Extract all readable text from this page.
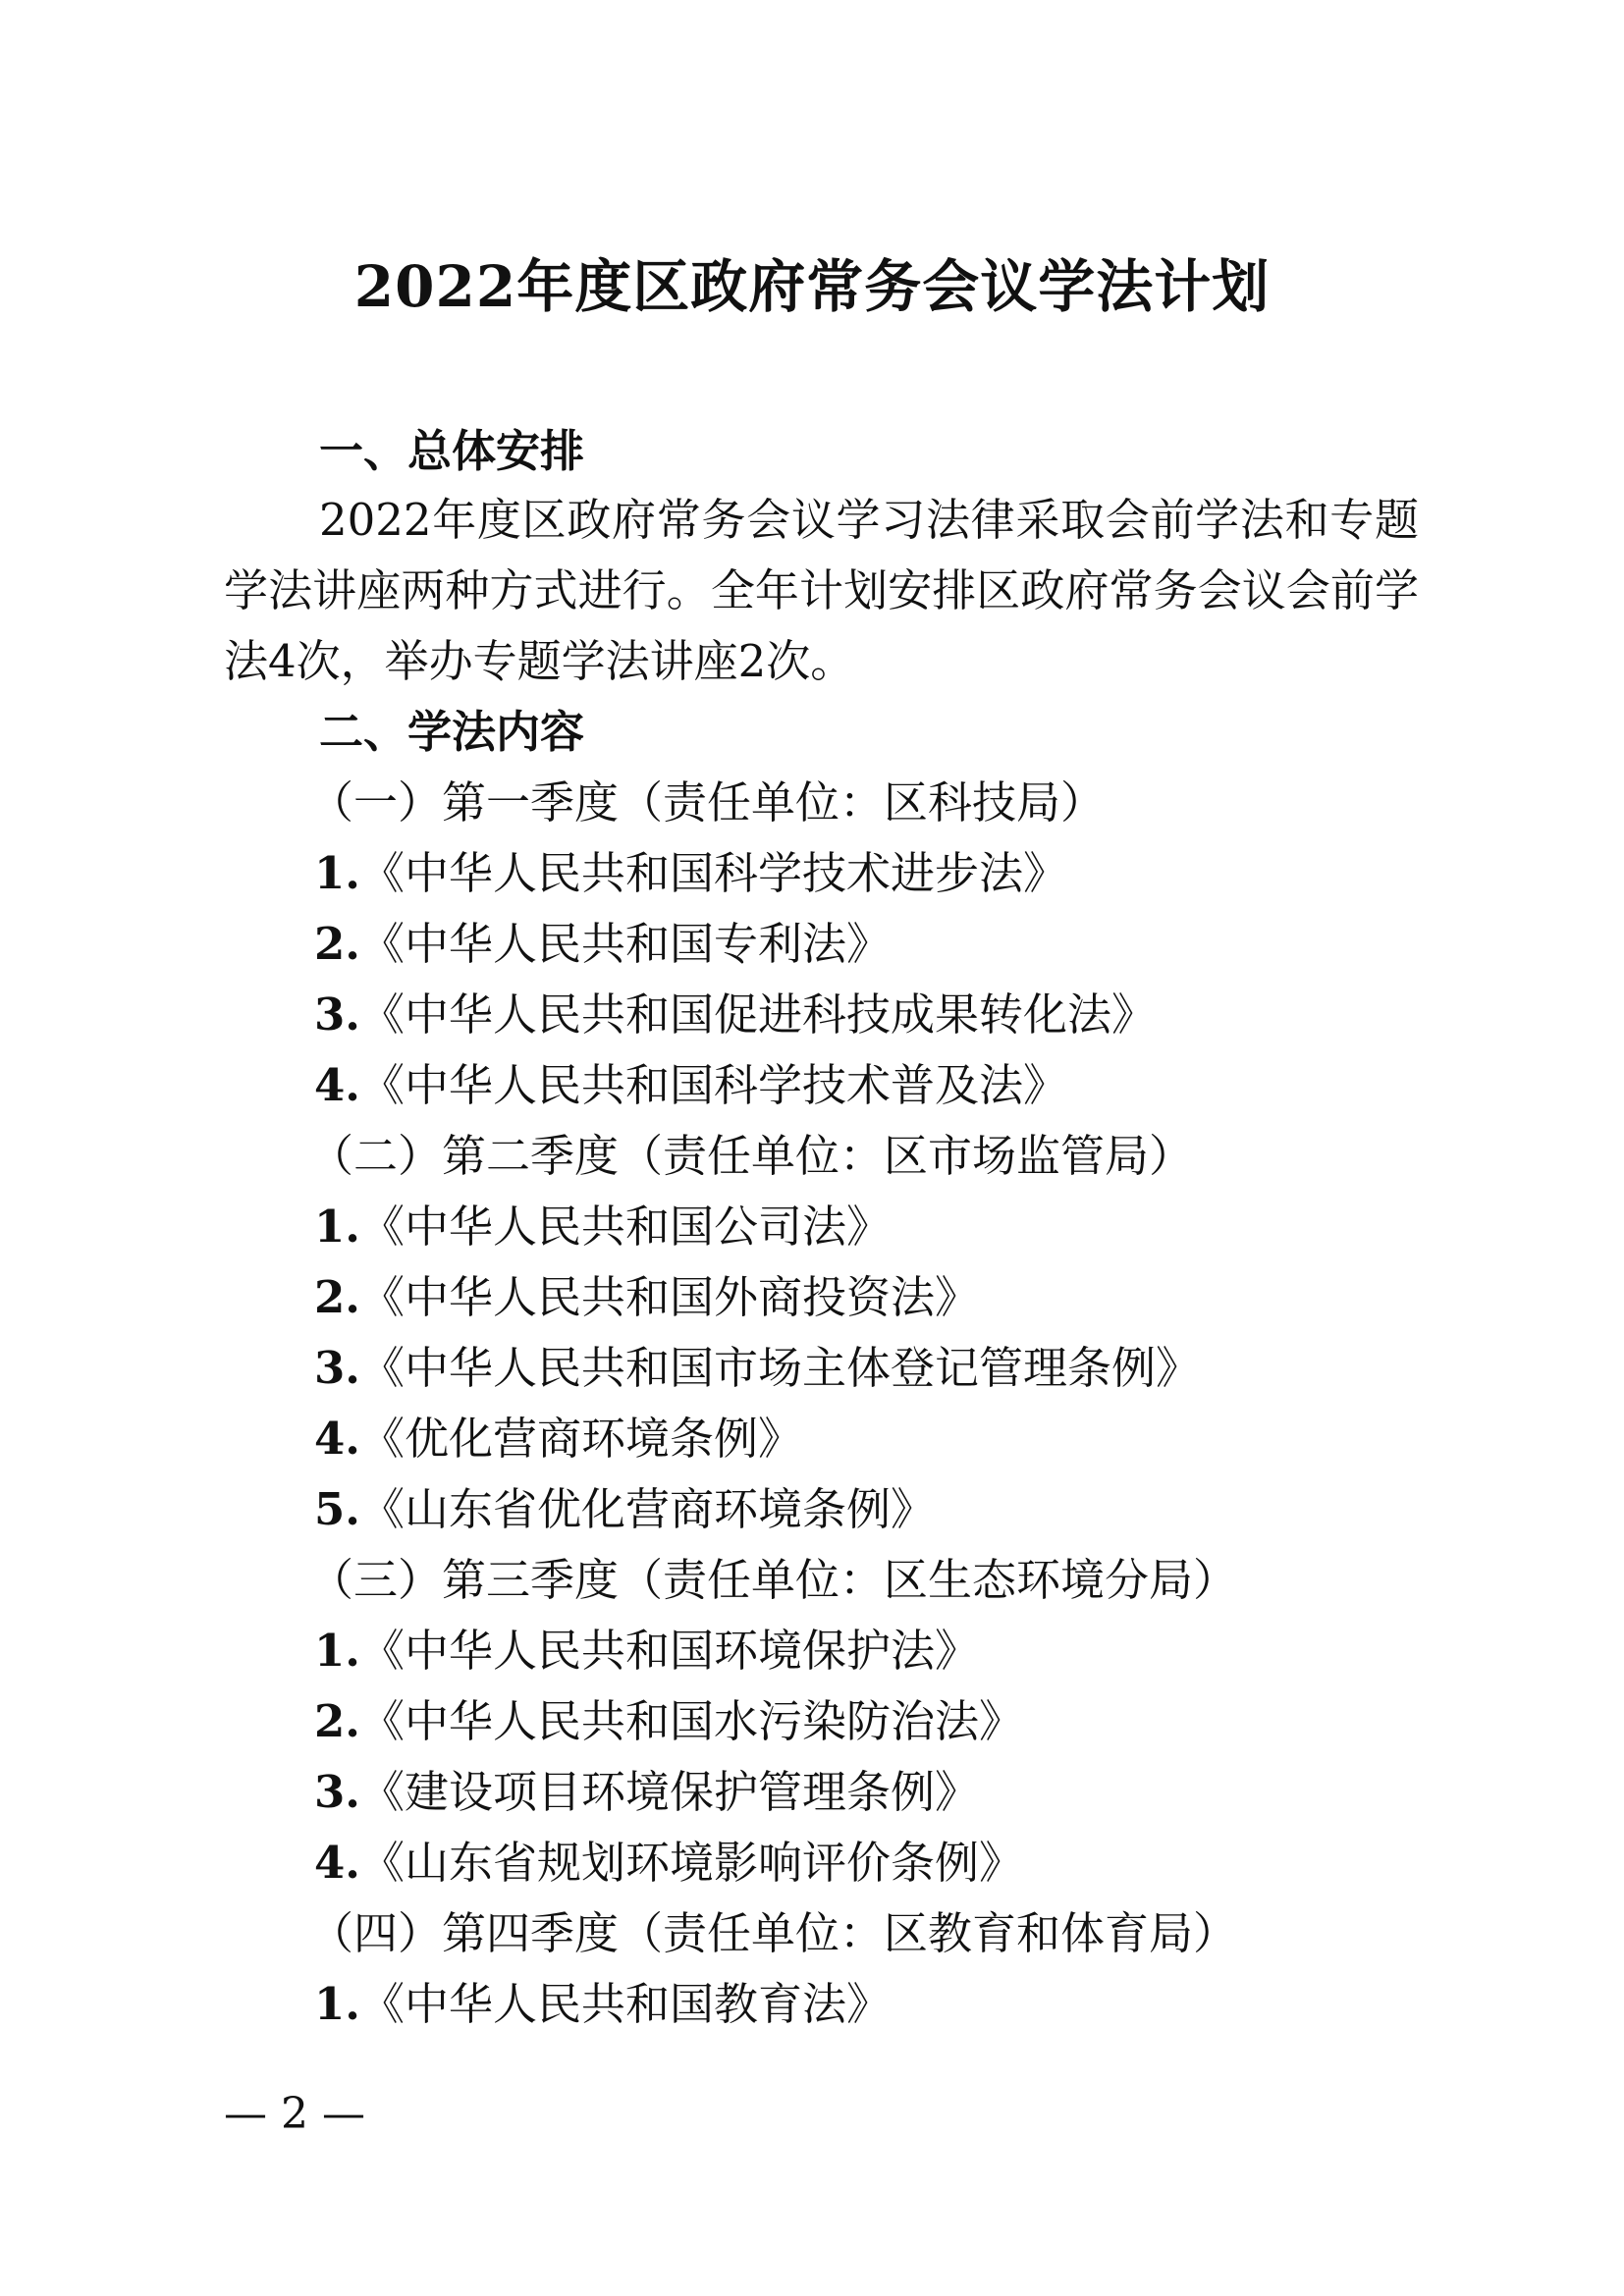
2022年度区政府常务会议学法计划
一、总体安排
2022年度区政府常务会议学习法律采取会前学法和专题
学法讲座两种方式进行。全年计划安排区政府常务会议会前学
法4次，举办专题学法讲座2次。
二、学法内容
（一）第一季度（责任单位：区科技局）
1.《中华人民共和国科学技术进步法》
2.《中华人民共和国专利法》
3.《中华人民共和国促进科技成果转化法》
4.《中华人民共和国科学技术普及法》
（二）第二季度（责任单位：区市场监管局）
1.《中华人民共和国公司法》
2.《中华人民共和国外商投资法》
3.《中华人民共和国市场主体登记管理条例》
4.《优化营商环境条例》
5.《山东省优化营商环境条例》
（三）第三季度（责任单位：区生态环境分局）
1.《中华人民共和国环境保护法》
2.《中华人民共和国水污染防治法》
3.《建设项目环境保护管理条例》
4.《山东省规划环境影响评价条例》
（四）第四季度（责任单位：区教育和体育局）
1.《中华人民共和国教育法》
— 2 —
